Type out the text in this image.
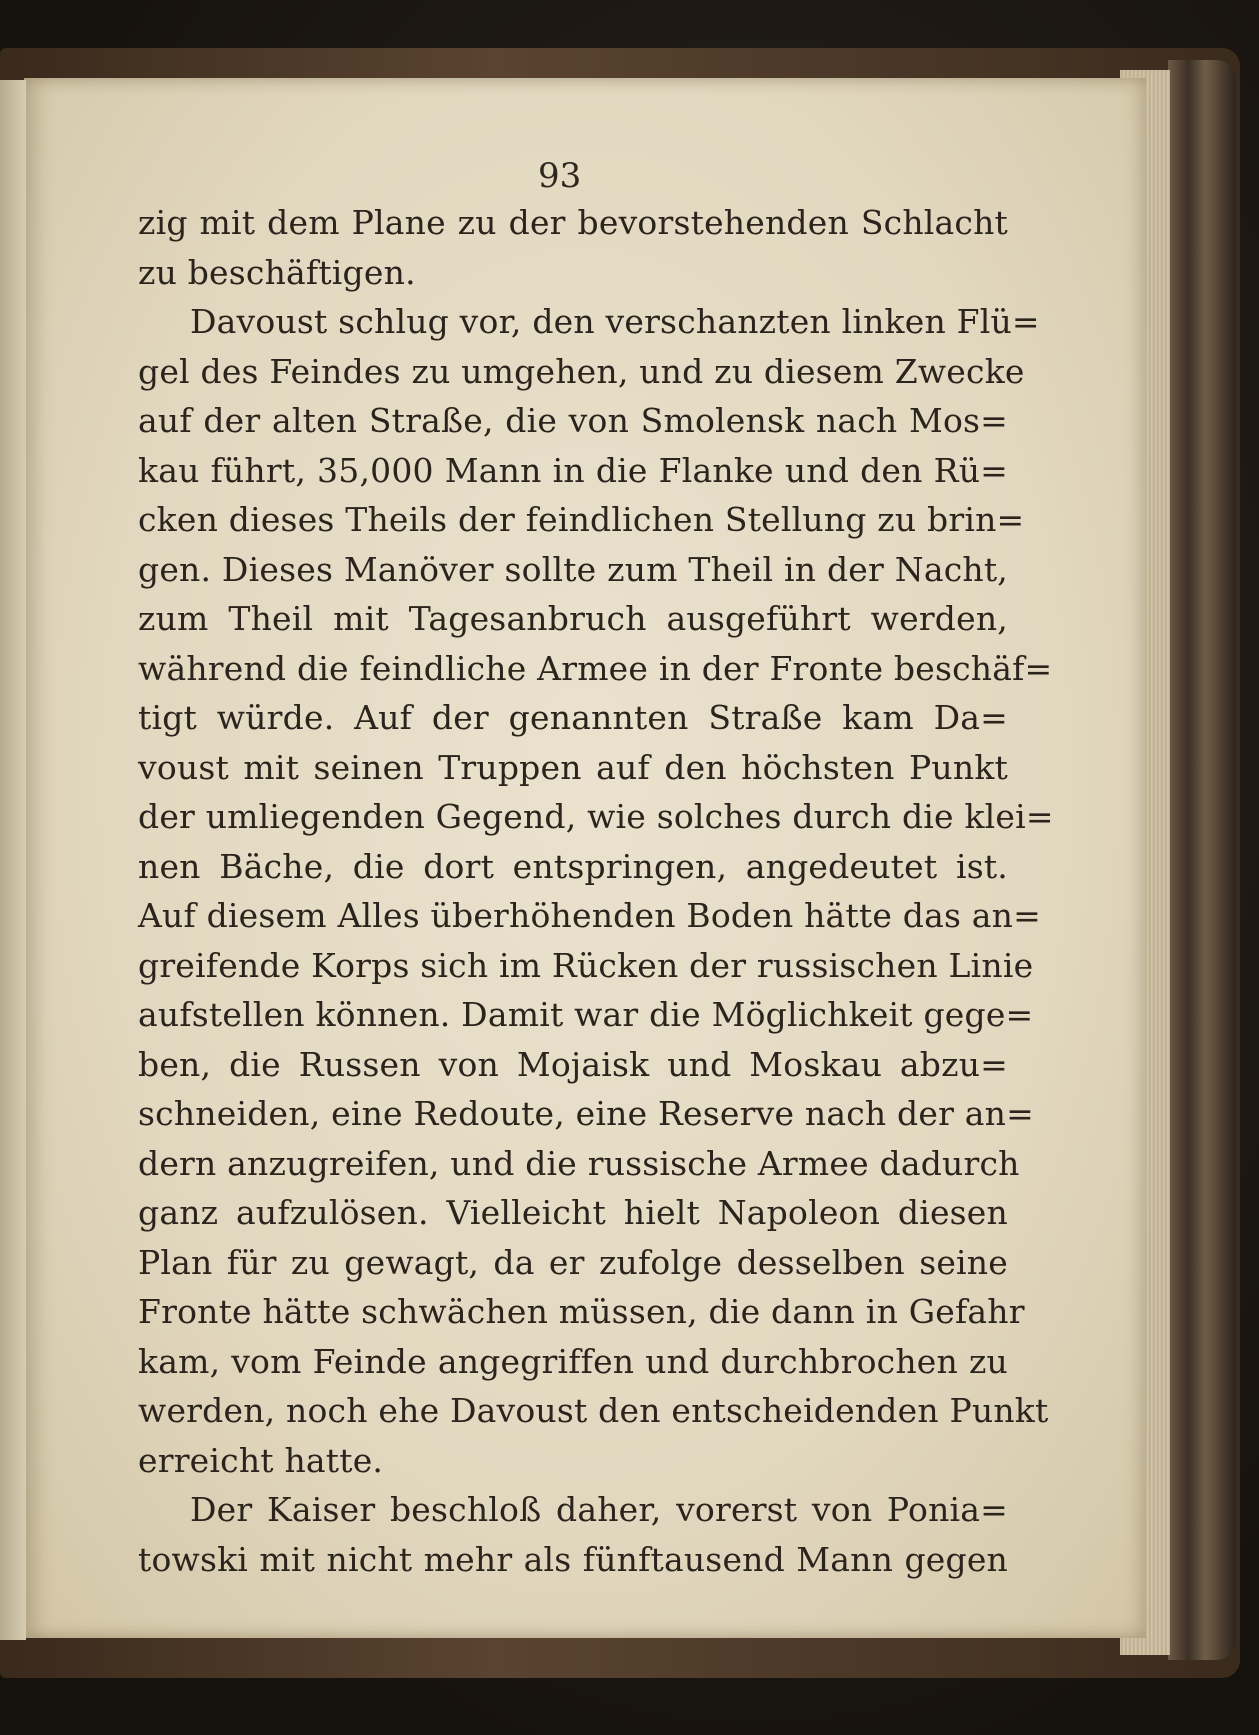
93
zig mit dem Plane zu der bevorstehenden Schlacht
zu beschäftigen.
Davoust schlug vor, den verschanzten linken Flü=
gel des Feindes zu umgehen, und zu diesem Zwecke
auf der alten Straße, die von Smolensk nach Mos=
kau führt, 35,000 Mann in die Flanke und den Rü=
cken dieses Theils der feindlichen Stellung zu brin=
gen. Dieses Manöver sollte zum Theil in der Nacht,
zum Theil mit Tagesanbruch ausgeführt werden,
während die feindliche Armee in der Fronte beschäf=
tigt würde. Auf der genannten Straße kam Da=
voust mit seinen Truppen auf den höchsten Punkt
der umliegenden Gegend, wie solches durch die klei=
nen Bäche, die dort entspringen, angedeutet ist.
Auf diesem Alles überhöhenden Boden hätte das an=
greifende Korps sich im Rücken der russischen Linie
aufstellen können. Damit war die Möglichkeit gege=
ben, die Russen von Mojaisk und Moskau abzu=
schneiden, eine Redoute, eine Reserve nach der an=
dern anzugreifen, und die russische Armee dadurch
ganz aufzulösen. Vielleicht hielt Napoleon diesen
Plan für zu gewagt, da er zufolge desselben seine
Fronte hätte schwächen müssen, die dann in Gefahr
kam, vom Feinde angegriffen und durchbrochen zu
werden, noch ehe Davoust den entscheidenden Punkt
erreicht hatte.
Der Kaiser beschloß daher, vorerst von Ponia=
towski mit nicht mehr als fünftausend Mann gegen
